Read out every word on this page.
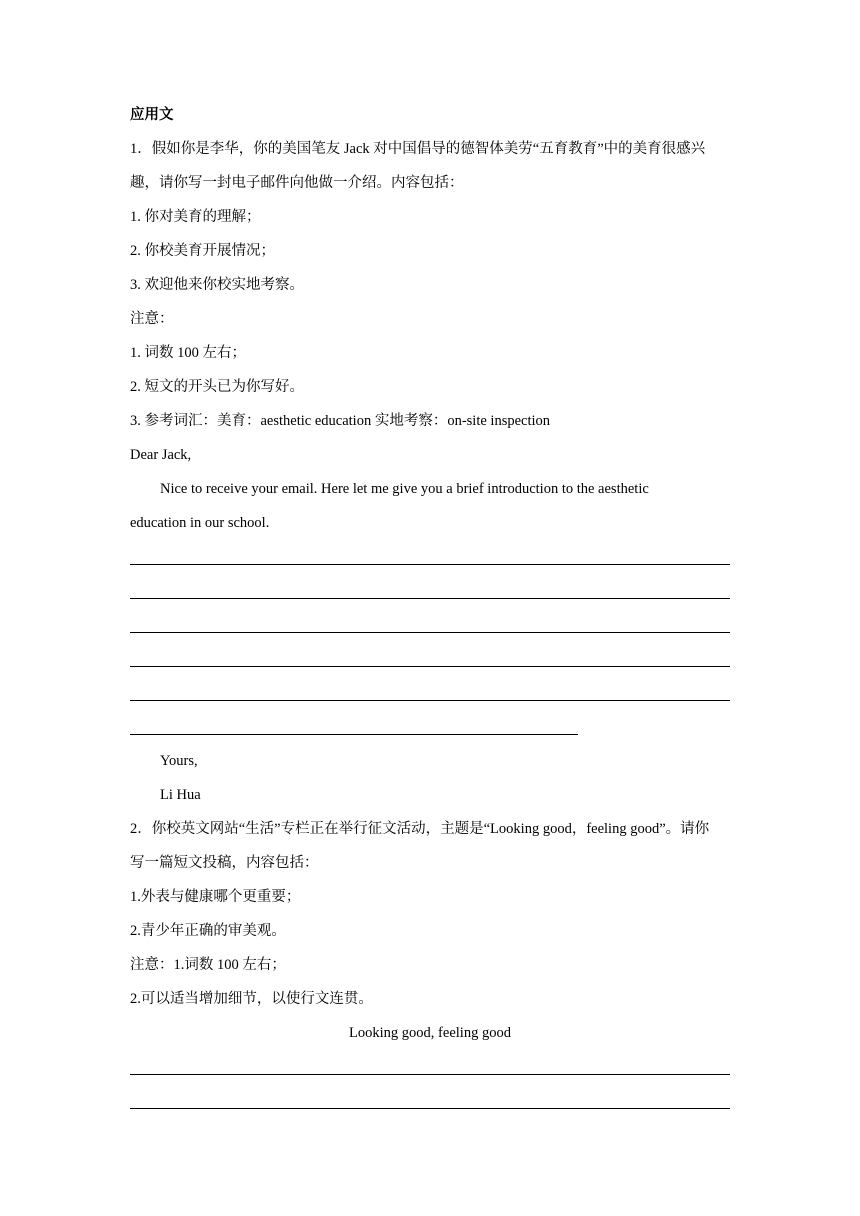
应用文
1．假如你是李华，你的美国笔友 Jack 对中国倡导的德智体美劳“五育教育”中的美育很感兴
趣，请你写一封电子邮件向他做一介绍。内容包括：
1. 你对美育的理解；
2. 你校美育开展情况；
3. 欢迎他来你校实地考察。
注意：
1. 词数 100 左右；
2. 短文的开头已为你写好。
3. 参考词汇：美育：aesthetic education 实地考察：on-site inspection
Dear Jack,
Nice to receive your email. Here let me give you a brief introduction to the aesthetic
education in our school.
Yours,
Li Hua
2．你校英文网站“生活”专栏正在举行征文活动，主题是“Looking good，feeling good”。请你
写一篇短文投稿，内容包括：
1.外表与健康哪个更重要；
2.青少年正确的审美观。
注意：1.词数 100 左右；
2.可以适当增加细节，以使行文连贯。
Looking good, feeling good
